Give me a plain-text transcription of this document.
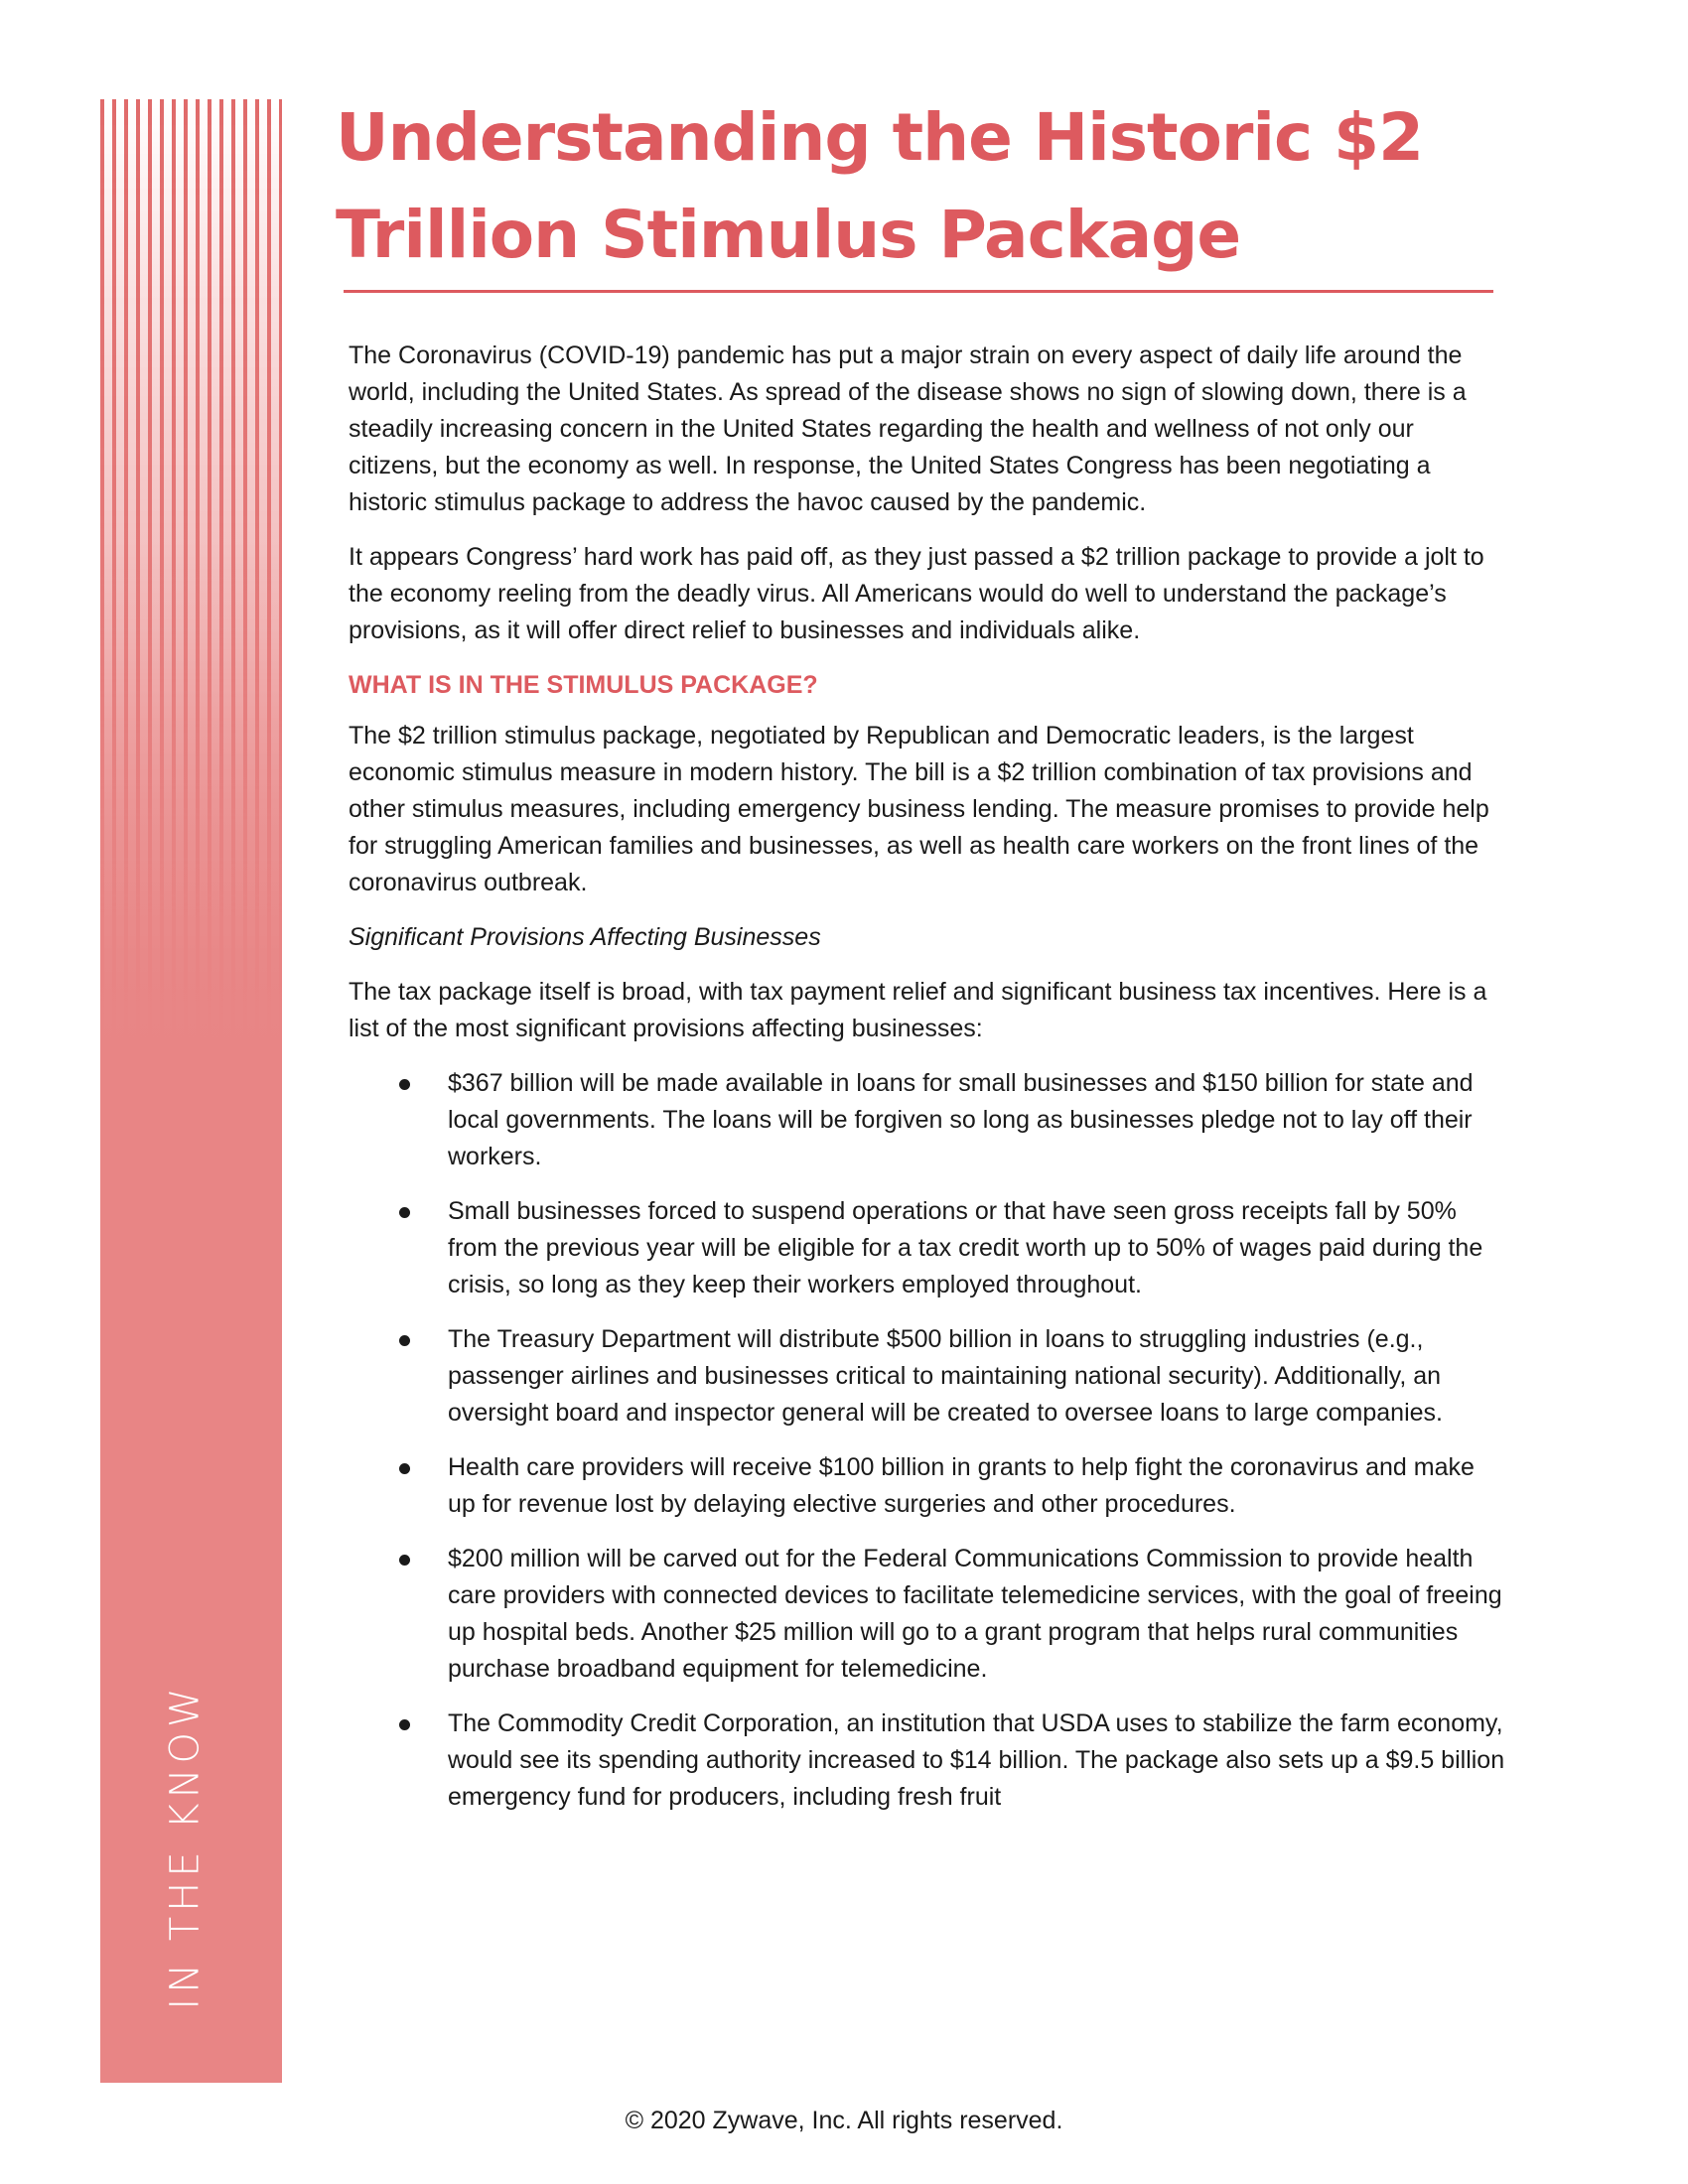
IN THE KNOW
Understanding the Historic $2
Trillion Stimulus Package

The Coronavirus (COVID-19) pandemic has put a major strain on every aspect of daily life around the world, including the United States. As spread of the disease shows no sign of slowing down, there is a steadily increasing concern in the United States regarding the health and wellness of not only our citizens, but the economy as well. In response, the United States Congress has been negotiating a historic stimulus package to address the havoc caused by the pandemic.

It appears Congress’ hard work has paid off, as they just passed a $2 trillion package to provide a jolt to the economy reeling from the deadly virus. All Americans would do well to understand the package’s provisions, as it will offer direct relief to businesses and individuals alike.

WHAT IS IN THE STIMULUS PACKAGE?

The $2 trillion stimulus package, negotiated by Republican and Democratic leaders, is the largest economic stimulus measure in modern history. The bill is a $2 trillion combination of tax provisions and other stimulus measures, including emergency business lending. The measure promises to provide help for struggling American families and businesses, as well as health care workers on the front lines of the coronavirus outbreak.

Significant Provisions Affecting Businesses

The tax package itself is broad, with tax payment relief and significant business tax incentives. Here is a list of the most significant provisions affecting businesses:

$367 billion will be made available in loans for small businesses and $150 billion for state and local governments. The loans will be forgiven so long as businesses pledge not to lay off their workers.
Small businesses forced to suspend operations or that have seen gross receipts fall by 50% from the previous year will be eligible for a tax credit worth up to 50% of wages paid during the crisis, so long as they keep their workers employed throughout.
The Treasury Department will distribute $500 billion in loans to struggling industries (e.g., passenger airlines and businesses critical to maintaining national security). Additionally, an oversight board and inspector general will be created to oversee loans to large companies.
Health care providers will receive $100 billion in grants to help fight the coronavirus and make up for revenue lost by delaying elective surgeries and other procedures.
$200 million will be carved out for the Federal Communications Commission to provide health care providers with connected devices to facilitate telemedicine services, with the goal of freeing up hospital beds. Another $25 million will go to a grant program that helps rural communities purchase broadband equipment for telemedicine.
The Commodity Credit Corporation, an institution that USDA uses to stabilize the farm economy, would see its spending authority increased to $14 billion. The package also sets up a $9.5 billion emergency fund for producers, including fresh fruit
© 2020 Zywave, Inc. All rights reserved.
